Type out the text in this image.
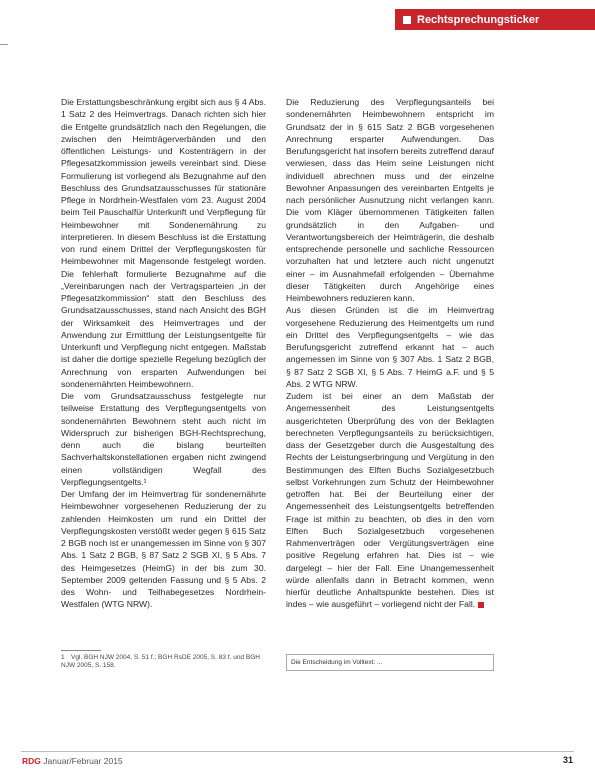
Rechtsprechungsticker

Die Erstattungsbeschränkung ergibt sich aus § 4 Abs. 1 Satz 2 des Heimvertrags. Danach richten sich hier die Entgelte grundsätzlich nach den Regelungen, die zwischen den Heimträgerverbänden und den öffentlichen Leistungs- und Kostenträgern in der Pflegesatzkommission jeweils vereinbart sind. Diese Formulierung ist vorliegend als Bezugnahme auf den Beschluss des Grundsatzausschusses für stationäre Pflege in Nordrhein-Westfalen vom 23. August 2004 beim Teil Pauschalfür Unterkunft und Verpflegung für Heimbewohner mit Sondenernährung zu interpretieren. In diesem Beschluss ist die Erstattung von rund einem Drittel der Verpflegungskosten für Heimbewohner mit Magensonde festgelegt worden. Die fehlerhaft formulierte Bezugnahme auf die „Vereinbarungen nach der Vertragsparteien „in der Pflegesatzkommission“ statt den Beschluss des Grundsatzausschusses, stand nach Ansicht des BGH der Wirksamkeit des Heimvertrages und der Anwendung zur Ermittlung der Leistungsentgelte für Unterkunft und Verpflegung nicht entgegen. Maßstab ist daher die dortige spezielle Regelung bezüglich der Anrechnung von ersparten Aufwendungen bei sondenernährten Heimbewohnern.

Die vom Grundsatzausschuss festgelegte nur teilweise Erstattung des Verpflegungsentgelts von sondenernährten Bewohnern steht auch nicht im Widerspruch zur bisherigen BGH-Rechtsprechung, denn auch die bislang beurteilten Sachverhaltskonstellationen ergaben nicht zwingend einen vollständigen Wegfall des Verpflegungsentgelts.¹

Der Umfang der im Heimvertrag für sondenernährte Heimbewohner vorgesehenen Reduzierung der zu zahlenden Heimkosten um rund ein Drittel der Verpflegungskosten verstößt weder gegen § 615 Satz 2 BGB noch ist er unangemessen im Sinne von § 307 Abs. 1 Satz 2 BGB, § 87 Satz 2 SGB XI, § 5 Abs. 7 des Heimgesetzes (HeimG) in der bis zum 30. September 2009 geltenden Fassung und § 5 Abs. 2 des Wohn- und Teilhabegesetzes Nordrhein-Westfalen (WTG NRW).

Die Reduzierung des Verpflegungsanteils bei sondenernährten Heimbewohnern entspricht im Grundsatz der in § 615 Satz 2 BGB vorgesehenen Anrechnung ersparter Aufwendungen. Das Berufungsgericht hat insofern bereits zutreffend darauf verwiesen, dass das Heim seine Leistungen nicht individuell abrechnen muss und der einzelne Bewohner Anpassungen des vereinbarten Entgelts je nach persönlicher Ausnutzung nicht verlangen kann. Die vom Kläger übernommenen Tätigkeiten fallen grundsätzlich in den Aufgaben- und Verantwortungsbereich der Heimträgerin, die deshalb entsprechende personelle und sachliche Ressourcen vorzuhalten hat und letztere auch nicht ungenutzt einer – im Ausnahmefall erfolgenden – Übernahme dieser Tätigkeiten durch Angehörige eines Heimbewohners reduzieren kann.

Aus diesen Gründen ist die im Heimvertrag vorgesehene Reduzierung des Heimentgelts um rund ein Drittel des Verpflegungsentgelts – wie das Berufungsgericht zutreffend erkannt hat – auch angemessen im Sinne von § 307 Abs. 1 Satz 2 BGB, § 87 Satz 2 SGB XI, § 5 Abs. 7 HeimG a.F. und § 5 Abs. 2 WTG NRW.

Zudem ist bei einer an dem Maßstab der Angemessenheit des Leistungsentgelts ausgerichteten Überprüfung des von der Beklagten berechneten Verpflegungsanteils zu berücksichtigen, dass der Gesetzgeber durch die Ausgestaltung des Rechts der Leistungserbringung und Vergütung in den Bestimmungen des Elften Buchs Sozialgesetzbuch selbst Vorkehrungen zum Schutz der Heimbewohner getroffen hat. Bei der Beurteilung einer der Angemessenheit des Leistungsentgelts betreffenden Frage ist mithin zu beachten, ob dies in den vom Elften Buch Sozialgesetzbuch vorgesehenen Rahmenverträgen oder Vergütungsverträgen eine positive Regelung erfahren hat. Dies ist – wie dargelegt – hier der Fall. Eine Unangemessenheit würde allenfalls dann in Betracht kommen, wenn hierfür deutliche Anhaltspunkte bestehen. Dies ist indes – wie ausgeführt – vorliegend nicht der Fall.

1 Vgl. BGH NJW 2004, S. 51 f.; BGH RsDE 2005, S. 83 f. und BGH NJW 2005, S. 158.	Die Entscheidung im Volltext: ...
RDG Januar/Februar 2015	31
